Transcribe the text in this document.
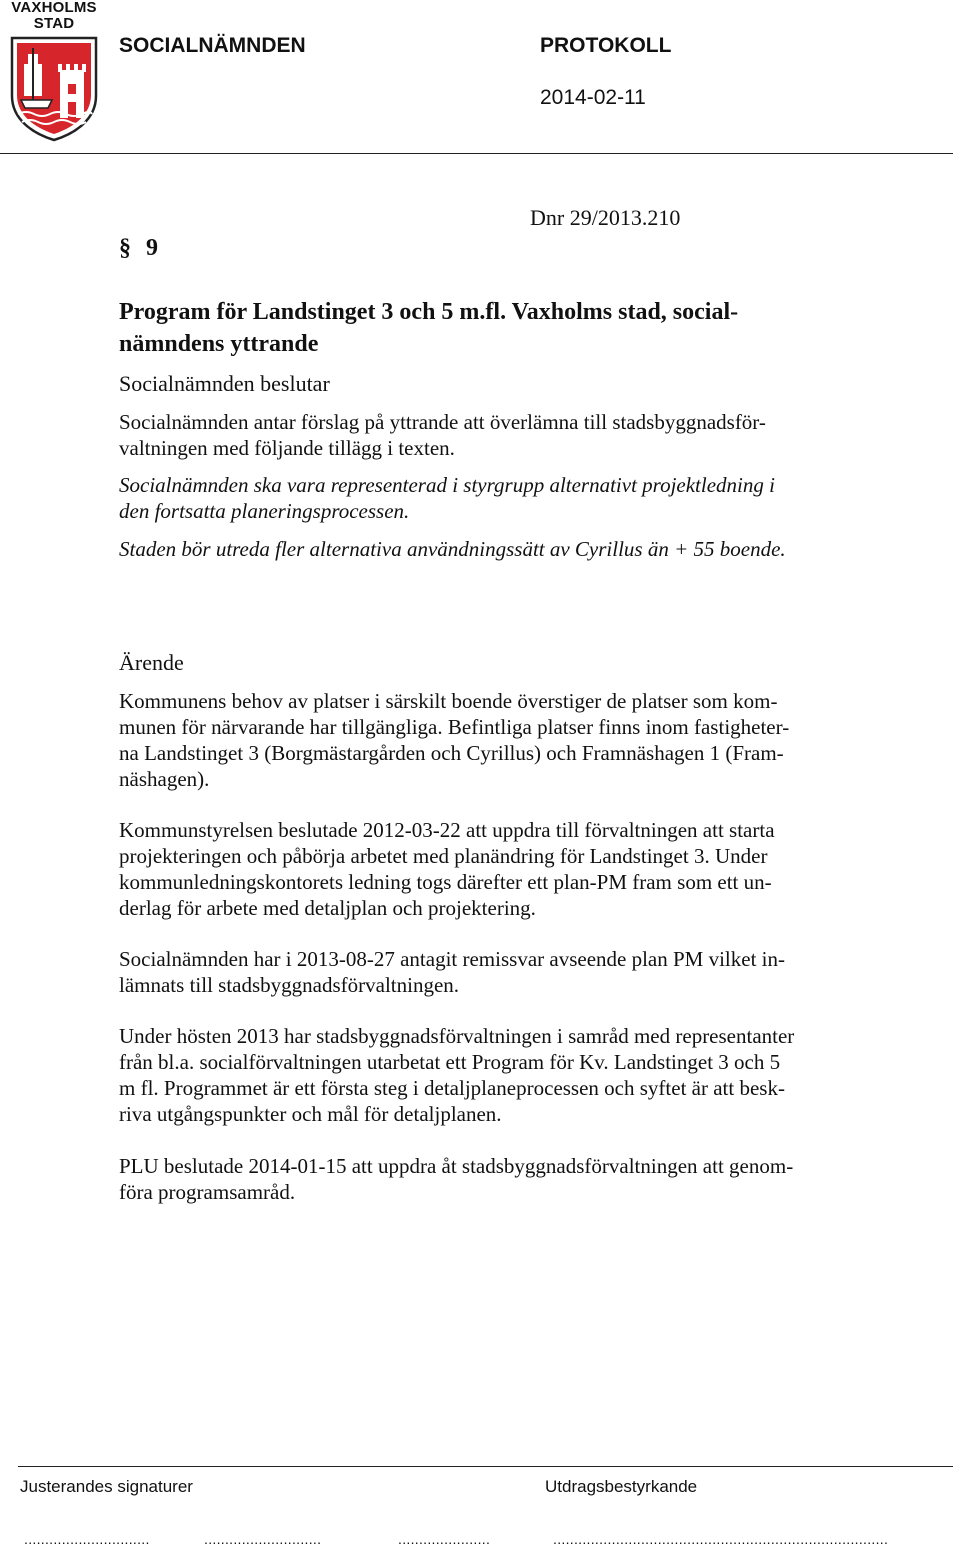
VAXHOLMS
STAD
SOCIALNÄMNDEN	PROTOKOLL
2014-02-11
Dnr 29/2013.210
§ 9
Program för Landstinget 3 och 5 m.fl. Vaxholms stad, social-
nämndens yttrande
Socialnämnden beslutar
Socialnämnden antar förslag på yttrande att överlämna till stadsbyggnadsför-
valtningen med följande tillägg i texten.
Socialnämnden ska vara representerad i styrgrupp alternativt projektledning i
den fortsatta planeringsprocessen.
Staden bör utreda fler alternativa användningssätt av Cyrillus än + 55 boende.
Ärende
Kommunens behov av platser i särskilt boende överstiger de platser som kom-
munen för närvarande har tillgängliga. Befintliga platser finns inom fastigheter-
na Landstinget 3 (Borgmästargården och Cyrillus) och Framnäshagen 1 (Fram-
näshagen).
Kommunstyrelsen beslutade 2012-03-22 att uppdra till förvaltningen att starta
projekteringen och påbörja arbetet med planändring för Landstinget 3. Under
kommunledningskontorets ledning togs därefter ett plan-PM fram som ett un-
derlag för arbete med detaljplan och projektering.
Socialnämnden har i 2013-08-27 antagit remissvar avseende plan PM vilket in-
lämnats till stadsbyggnadsförvaltningen.
Under hösten 2013 har stadsbyggnadsförvaltningen i samråd med representanter
från bl.a. socialförvaltningen utarbetat ett Program för Kv. Landstinget 3 och 5
m fl. Programmet är ett första steg i detaljplaneprocessen och syftet är att besk-
riva utgångspunkter och mål för detaljplanen.
PLU beslutade 2014-01-15 att uppdra åt stadsbyggnadsförvaltningen att genom-
föra programsamråd.
Justerandes signaturer	Utdragsbestyrkande
..............................	............................	......................	................................................................................
